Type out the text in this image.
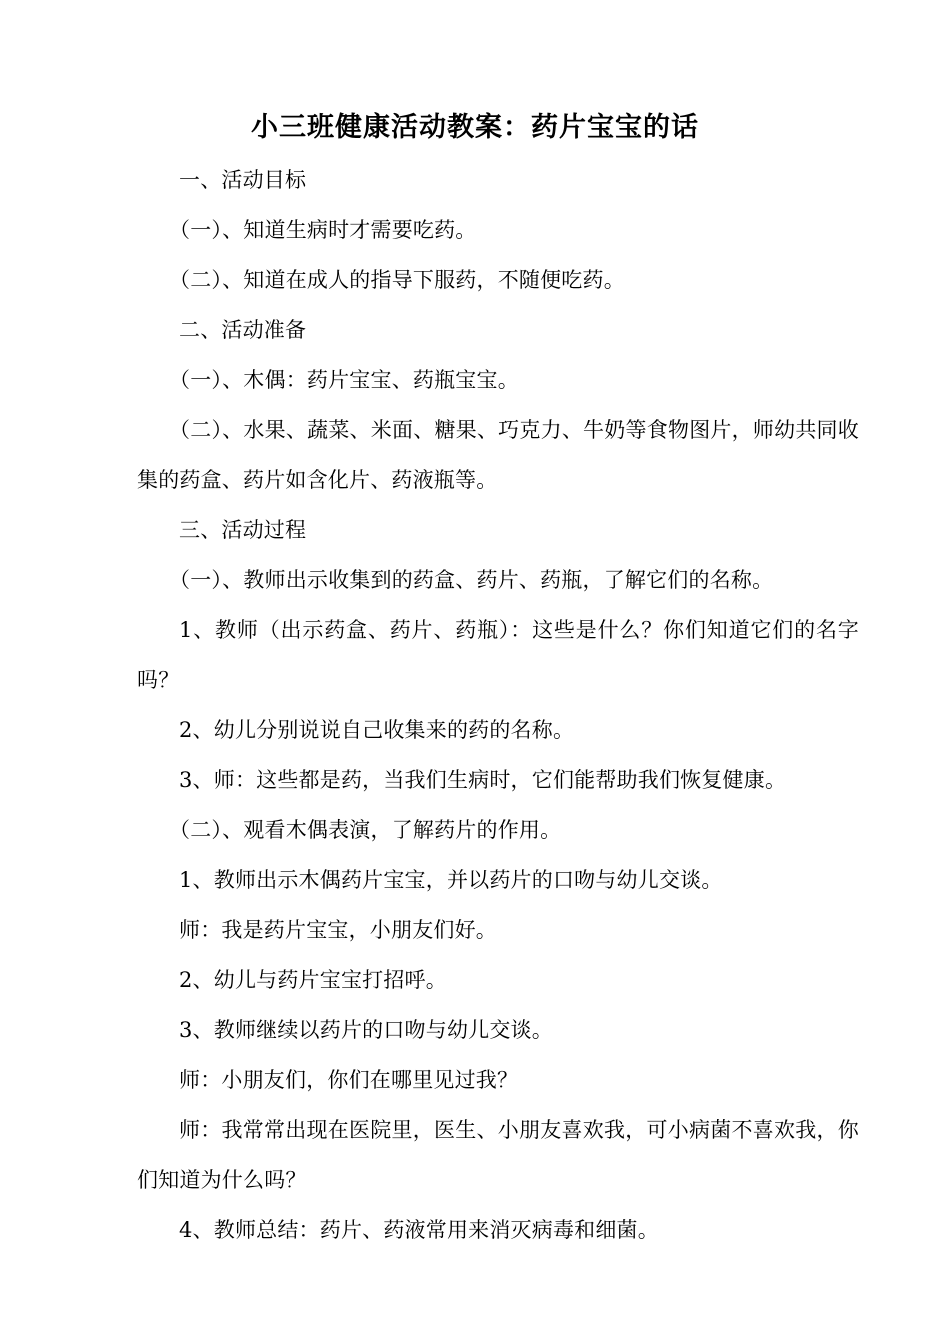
小三班健康活动教案：药片宝宝的话

一、活动目标

（一）、知道生病时才需要吃药。

（二）、知道在成人的指导下服药，不随便吃药。

二、活动准备

（一）、木偶：药片宝宝、药瓶宝宝。

（二）、水果、蔬菜、米面、糖果、巧克力、牛奶等食物图片，师幼共同收集的药盒、药片如含化片、药液瓶等。

三、活动过程

（一）、教师出示收集到的药盒、药片、药瓶，了解它们的名称。

1、教师（出示药盒、药片、药瓶）：这些是什么？你们知道它们的名字吗？

2、幼儿分别说说自己收集来的药的名称。

3、师：这些都是药，当我们生病时，它们能帮助我们恢复健康。

（二）、观看木偶表演，了解药片的作用。

1、教师出示木偶药片宝宝，并以药片的口吻与幼儿交谈。

师：我是药片宝宝，小朋友们好。

2、幼儿与药片宝宝打招呼。

3、教师继续以药片的口吻与幼儿交谈。

师：小朋友们，你们在哪里见过我？

师：我常常出现在医院里，医生、小朋友喜欢我，可小病菌不喜欢我，你们知道为什么吗？

4、教师总结：药片、药液常用来消灭病毒和细菌。
